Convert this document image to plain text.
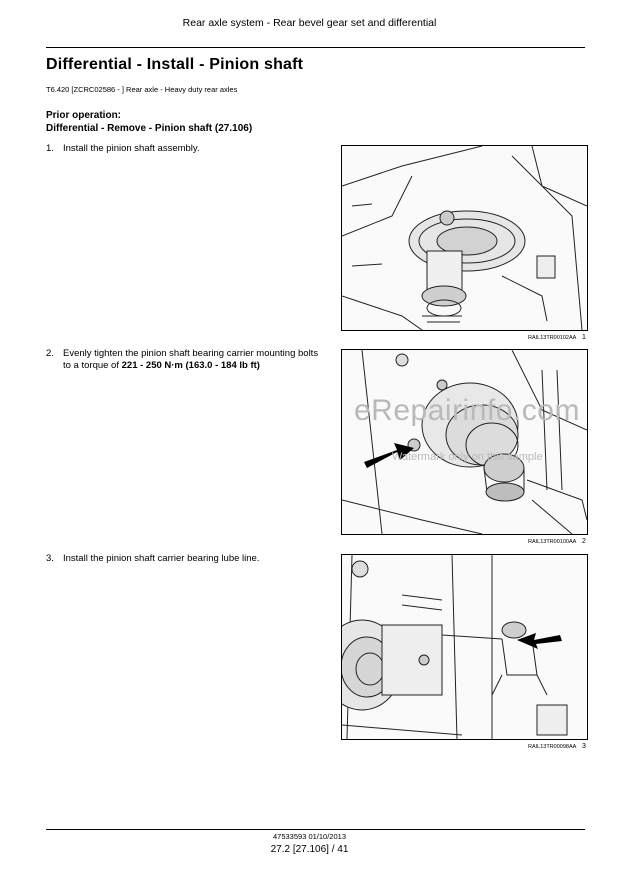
Rear axle system - Rear bevel gear set and differential
Differential - Install - Pinion shaft
T6.420 [ZCRC02586 - ] Rear axle - Heavy duty rear axles
Prior operation:
Differential - Remove - Pinion shaft (27.106)
1. Install the pinion shaft assembly.
2. Evenly tighten the pinion shaft bearing carrier mounting bolts to a torque of 221 - 250 N·m (163.0 - 184 lb ft)
3. Install the pinion shaft carrier bearing lube line.
RAIL13TR00102AA 1
RAIL13TR00100AA 2
RAIL13TR00098AA 3
eRepairinfo.com
Watermark only on this sample
47533593 01/10/2013
27.2 [27.106] / 41
